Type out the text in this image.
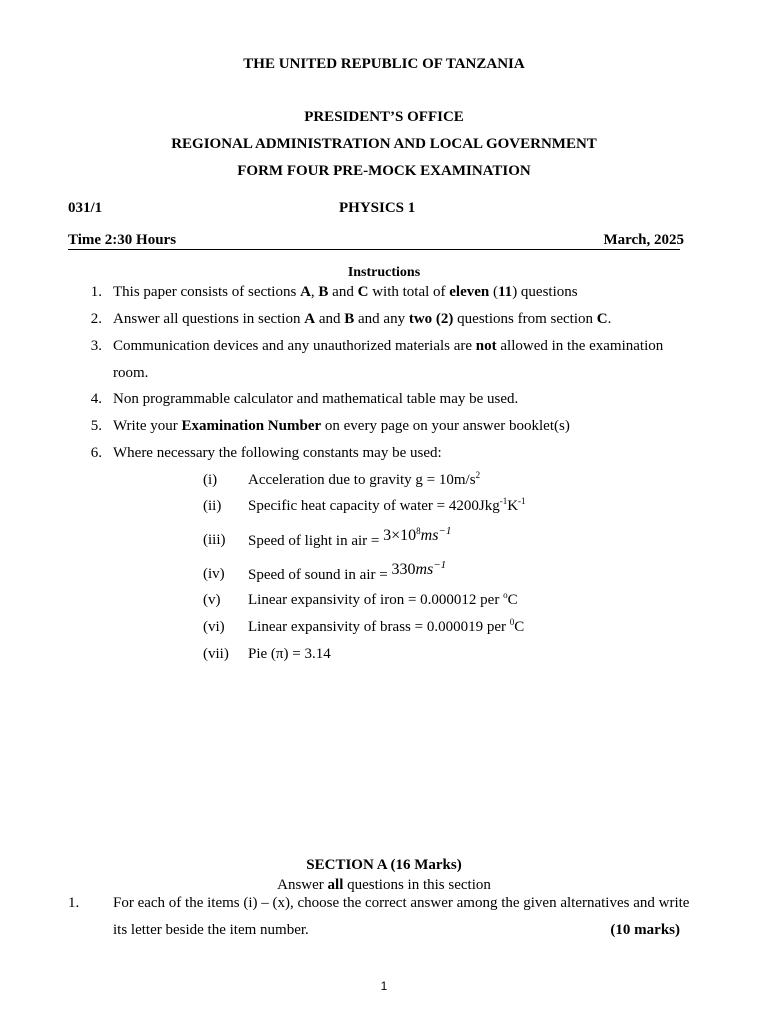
THE UNITED REPUBLIC OF TANZANIA
PRESIDENT’S OFFICE
REGIONAL ADMINISTRATION AND LOCAL GOVERNMENT
FORM FOUR PRE-MOCK EXAMINATION
031/1	PHYSICS 1
Time 2:30 Hours	March, 2025
Instructions
1. This paper consists of sections A, B and C with total of eleven (11) questions
2. Answer all questions in section A and B and any two (2) questions from section C.
3. Communication devices and any unauthorized materials are not allowed in the examination
room.
4. Non programmable calculator and mathematical table may be used.
5. Write your Examination Number on every page on your answer booklet(s)
6. Where necessary the following constants may be used:
(i) Acceleration due to gravity $g = 10m/s^2$
(ii) Specific heat capacity of water = $4200Jkg^{-1}K^{-1}$
(iii) Speed of light in air = $3\times 10^8ms^{-1}$
(iv) Speed of sound in air = $330ms^{-1}$
(v) Linear expansivity of iron = 0.000012 per $^o$C
(vi) Linear expansivity of brass = 0.000019 per $^0$C
(vii) Pie (π) = 3.14
SECTION A (16 Marks)
Answer all questions in this section
1. For each of the items (i) – (x), choose the correct answer among the given alternatives and write
its letter beside the item number.	(10 marks)
1
